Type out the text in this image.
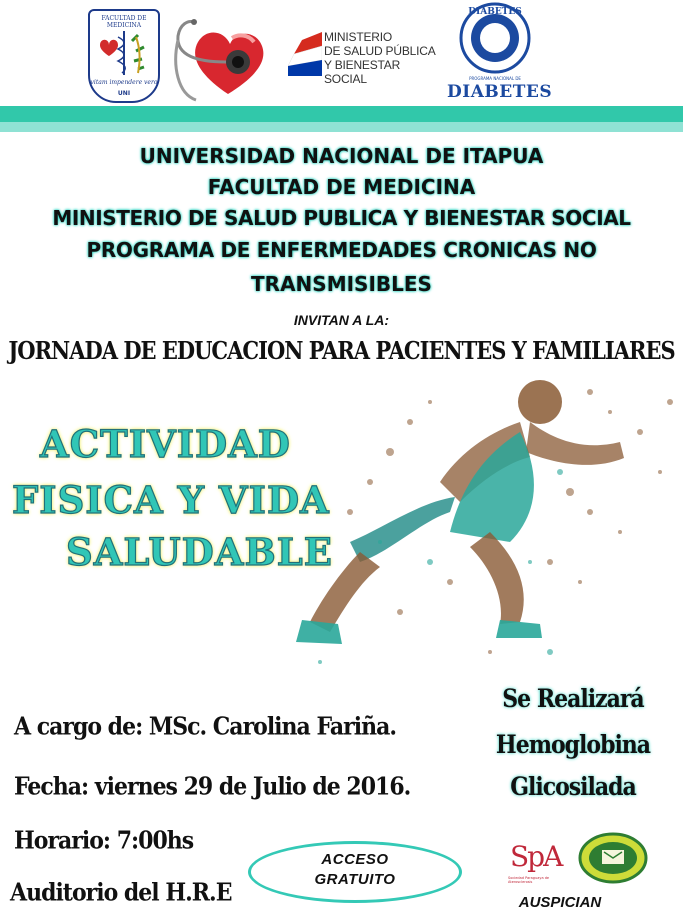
FACULTAD DE MEDICINA
vitam impendere vero
UNI
MINISTERIO
DE SALUD PÚBLICA
Y BIENESTAR SOCIAL
DIABETES
PROGRAMA NACIONAL DE
DIABETES
UNIVERSIDAD NACIONAL DE ITAPUA
FACULTAD DE MEDICINA
MINISTERIO DE SALUD PUBLICA Y BIENESTAR SOCIAL
PROGRAMA DE ENFERMEDADES CRONICAS NO
TRANSMISIBLES
INVITAN A LA:
JORNADA DE EDUCACION PARA PACIENTES Y FAMILIARES
ACTIVIDAD
FISICA Y VIDA
SALUDABLE
A cargo de: MSc. Carolina Fariña.
Fecha: viernes 29 de Julio de 2016.
Horario: 7:00hs
Auditorio del H.R.E
Se Realizará
Hemoglobina
Glicosilada
ACCESO
GRATUITO
SpA
Sociedad Paraguaya de Aterosclerosis
AUSPICIAN
